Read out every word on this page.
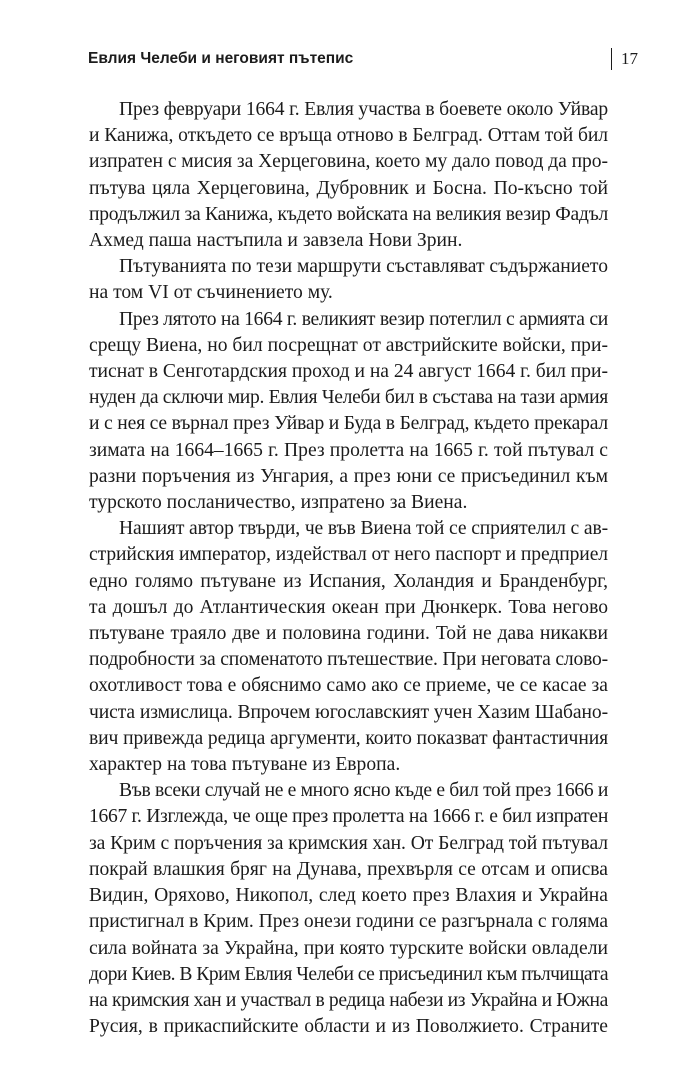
Евлия Челеби и неговият пътепис	17

През февруари 1664 г. Евлия участва в боевете около Уйвар
и Канижа, откъдето се връща отново в Белград. Оттам той бил
изпратен с мисия за Херцеговина, което му дало повод да про-
пътува цяла Херцеговина, Дубровник и Босна. По-късно той
продължил за Канижа, където войската на великия везир Фадъл
Ахмед паша настъпила и завзела Нови Зрин.

Пътуванията по тези маршрути съставляват съдържанието
на том VI от съчинението му.

През лятото на 1664 г. великият везир потеглил с армията си
срещу Виена, но бил посрещнат от австрийските войски, при-
тиснат в Сенготардския проход и на 24 август 1664 г. бил при-
нуден да сключи мир. Евлия Челеби бил в състава на тази армия
и с нея се върнал през Уйвар и Буда в Белград, където прекарал
зимата на 1664–1665 г. През пролетта на 1665 г. той пътувал с
разни поръчения из Унгария, а през юни се присъединил към
турското посланичество, изпратено за Виена.

Нашият автор твърди, че във Виена той се сприятелил с ав-
стрийския император, издействал от него паспорт и предприел
едно голямо пътуване из Испания, Холандия и Бранденбург,
та дошъл до Атлантическия океан при Дюнкерк. Това негово
пътуване траяло две и половина години. Той не дава никакви
подробности за споменатото пътешествие. При неговата слово-
охотливост това е обяснимо само ако се приеме, че се касае за
чиста измислица. Впрочем югославският учен Хазим Шабано-
вич привежда редица аргументи, които показват фантастичния
характер на това пътуване из Европа.

Във всеки случай не е много ясно къде е бил той през 1666 и
1667 г. Изглежда, че още през пролетта на 1666 г. е бил изпратен
за Крим с поръчения за кримския хан. От Белград той пътувал
покрай влашкия бряг на Дунава, прехвърля се отсам и описва
Видин, Оряхово, Никопол, след което през Влахия и Украйна
пристигнал в Крим. През онези години се разгърнала с голяма
сила войната за Украйна, при която турските войски овладели
дори Киев. В Крим Евлия Челеби се присъединил към пълчищата
на кримския хан и участвал в редица набези из Украйна и Южна
Русия, в прикаспийските области и из Поволжието. Страните
